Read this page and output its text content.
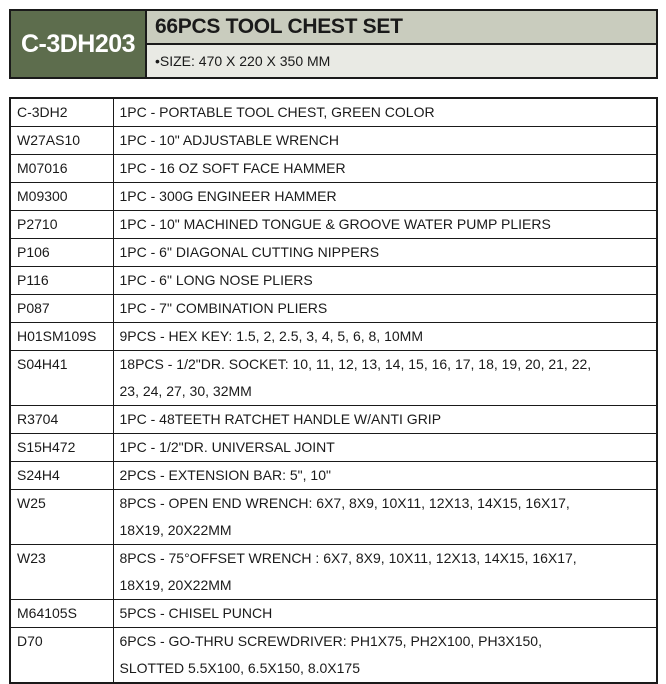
C-3DH203
66PCS TOOL CHEST SET
•SIZE: 470 X 220 X 350 MM
C-3DH2	1PC - PORTABLE TOOL CHEST, GREEN COLOR

W27AS10	1PC - 10" ADJUSTABLE WRENCH

M07016	1PC - 16 OZ SOFT FACE HAMMER

M09300	1PC - 300G ENGINEER HAMMER

P2710	1PC - 10" MACHINED TONGUE & GROOVE WATER PUMP PLIERS

P106	1PC - 6" DIAGONAL CUTTING NIPPERS

P116	1PC - 6" LONG NOSE PLIERS

P087	1PC - 7" COMBINATION PLIERS

H01SM109S	9PCS - HEX KEY: 1.5, 2, 2.5, 3, 4, 5, 6, 8, 10MM

S04H41	18PCS - 1/2"DR. SOCKET: 10, 11, 12, 13, 14, 15, 16, 17, 18, 19, 20, 21, 22,
23, 24, 27, 30, 32MM

R3704	1PC - 48TEETH RATCHET HANDLE W/ANTI GRIP

S15H472	1PC - 1/2"DR. UNIVERSAL JOINT

S24H4	2PCS - EXTENSION BAR: 5", 10"

W25	8PCS - OPEN END WRENCH: 6X7, 8X9, 10X11, 12X13, 14X15, 16X17,
18X19, 20X22MM

W23	8PCS - 75°OFFSET WRENCH : 6X7, 8X9, 10X11, 12X13, 14X15, 16X17,
18X19, 20X22MM

M64105S	5PCS - CHISEL PUNCH

D70	6PCS - GO-THRU SCREWDRIVER: PH1X75, PH2X100, PH3X150,
SLOTTED 5.5X100, 6.5X150, 8.0X175
